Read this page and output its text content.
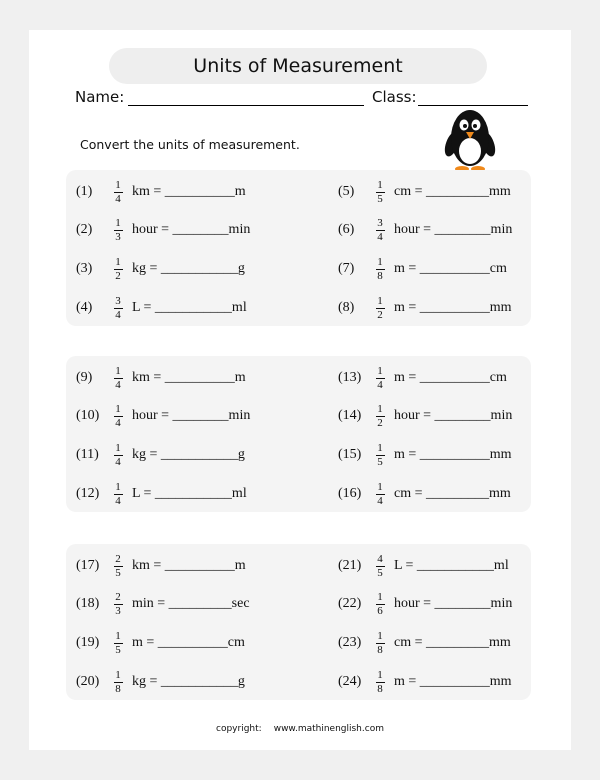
Units of Measurement
Name:	Class:
Convert the units of measurement.
(1)	$\frac{1}{4}$ km = __________m
(2)	$\frac{1}{3}$ hour = ________min
(3)	$\frac{1}{2}$ kg = ___________g
(4)	$\frac{3}{4}$ L = ___________ml
(5)	$\frac{1}{5}$ cm = _________mm
(6)	$\frac{3}{4}$ hour = ________min
(7)	$\frac{1}{8}$ m = __________cm
(8)	$\frac{1}{2}$ m = __________mm
(9)	$\frac{1}{4}$ km = __________m
(10)	$\frac{1}{4}$ hour = ________min
(11)	$\frac{1}{4}$ kg = ___________g
(12)	$\frac{1}{4}$ L = ___________ml
(13)	$\frac{1}{4}$ m = __________cm
(14)	$\frac{1}{2}$ hour = ________min
(15)	$\frac{1}{5}$ m = __________mm
(16)	$\frac{1}{4}$ cm = _________mm
(17)	$\frac{2}{5}$ km = __________m
(18)	$\frac{2}{3}$ min = _________sec
(19)	$\frac{1}{5}$ m = __________cm
(20)	$\frac{1}{8}$ kg = ___________g
(21)	$\frac{4}{5}$ L = ___________ml
(22)	$\frac{1}{6}$ hour = ________min
(23)	$\frac{1}{8}$ cm = _________mm
(24)	$\frac{1}{8}$ m = __________mm
copyright: www.mathinenglish.com
